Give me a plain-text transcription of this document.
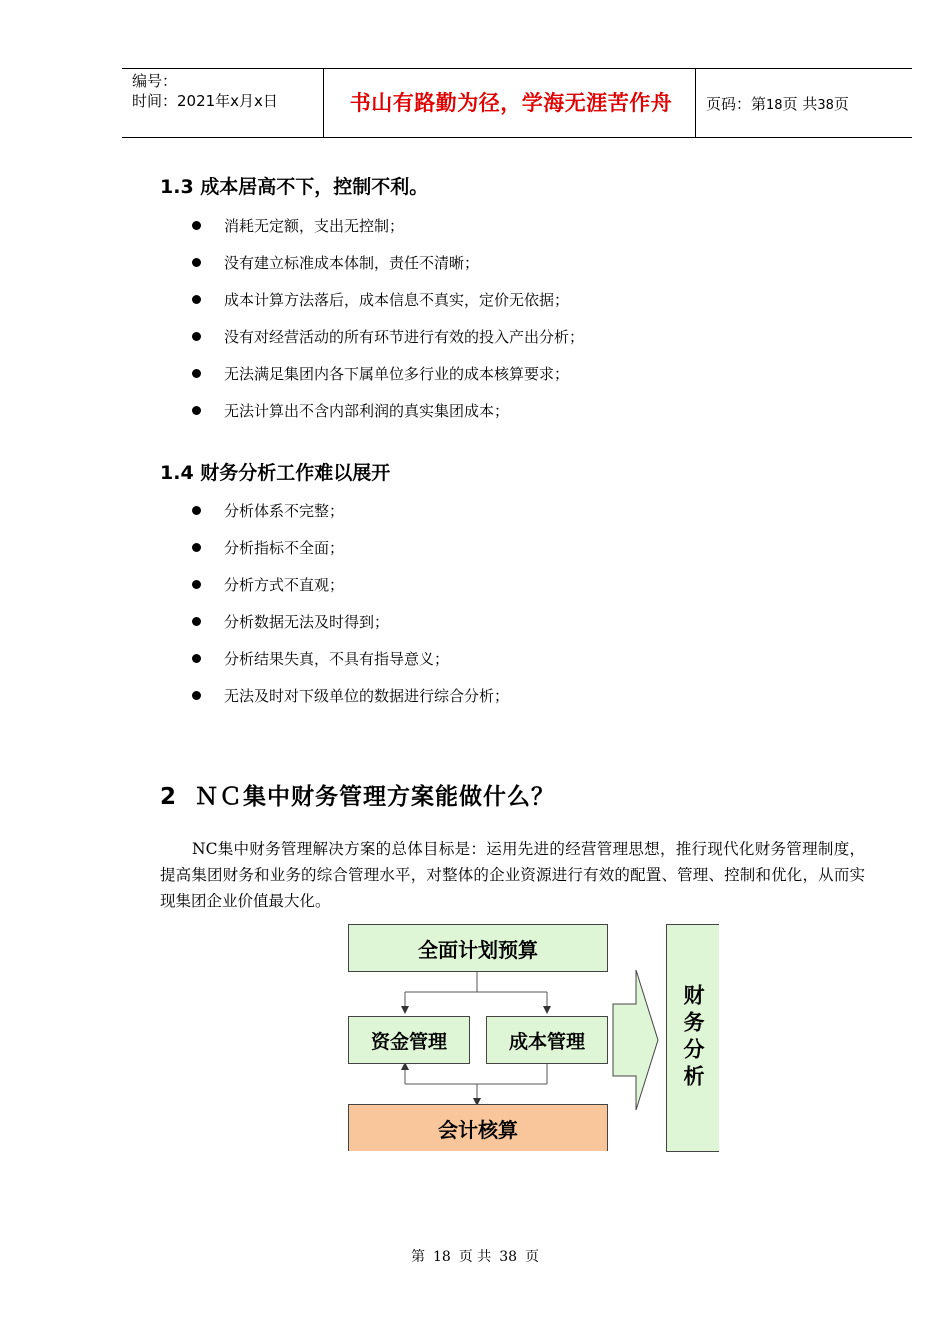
编号：
时间：2021年x月x日	书山有路勤为径，学海无涯苦作舟	页码：第18页 共38页
1.3 成本居高不下，控制不利。
消耗无定额，支出无控制；
没有建立标准成本体制，责任不清晰；
成本计算方法落后，成本信息不真实，定价无依据；
没有对经营活动的所有环节进行有效的投入产出分析；
无法满足集团内各下属单位多行业的成本核算要求；
无法计算出不含内部利润的真实集团成本；
1.4 财务分析工作难以展开
分析体系不完整；
分析指标不全面；
分析方式不直观；
分析数据无法及时得到；
分析结果失真，不具有指导意义；
无法及时对下级单位的数据进行综合分析；
2 ＮＣ集中财务管理方案能做什么？

NC集中财务管理解决方案的总体目标是：运用先进的经营管理思想，推行现代化财务管理制度，提高集团财务和业务的综合管理水平，对整体的企业资源进行有效的配置、管理、控制和优化，从而实现集团企业价值最大化。

全面计划预算
资金管理	成本管理
会计核算
财务分析
第 18 页 共 38 页
